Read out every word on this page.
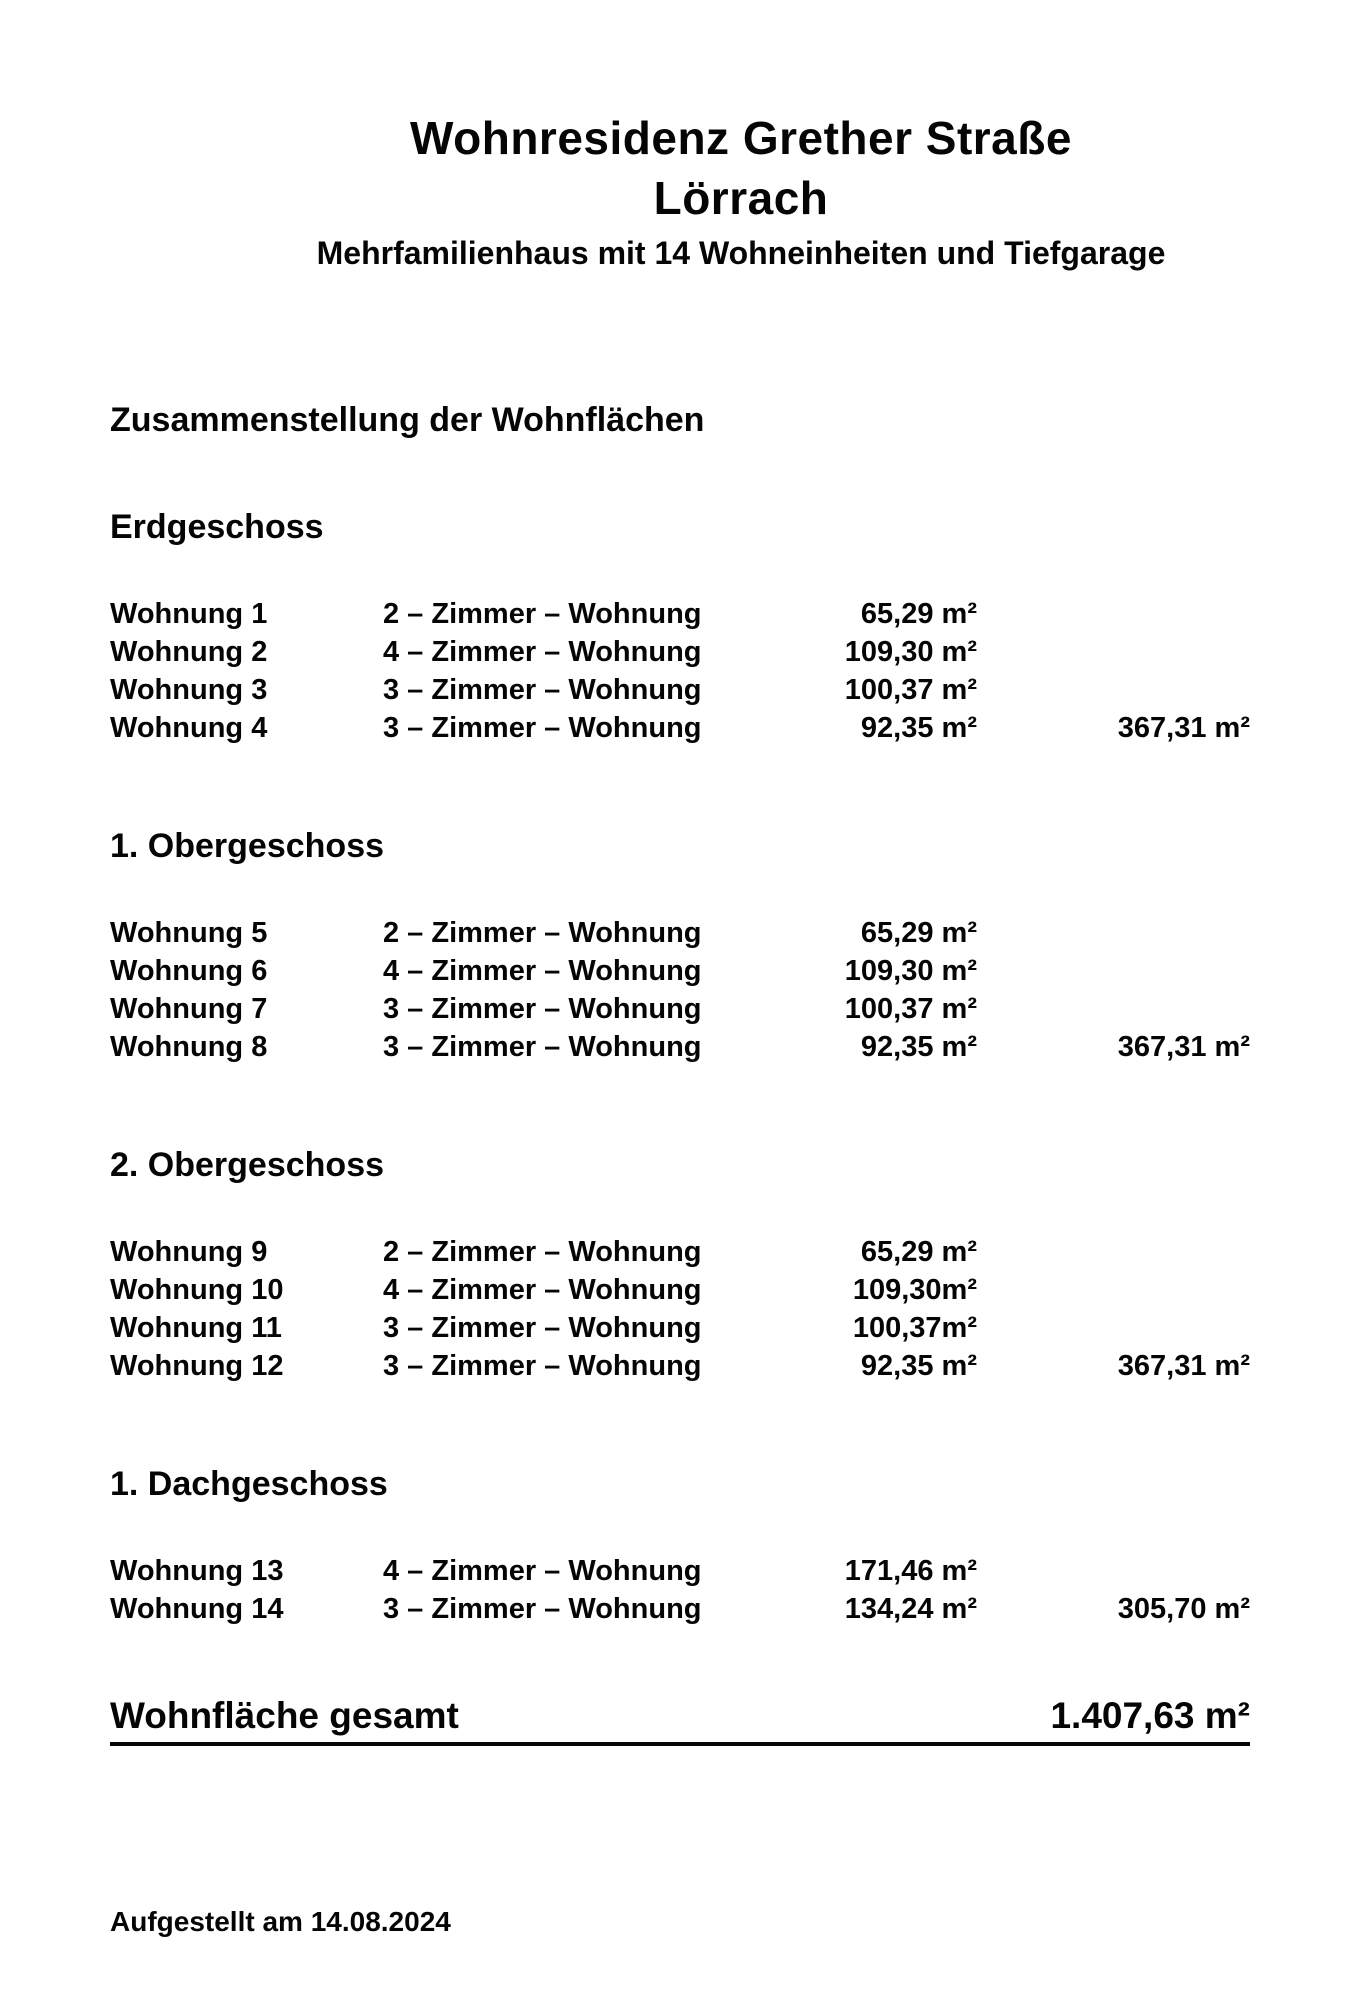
Wohnresidenz Grether Straße
Lörrach
Mehrfamilienhaus mit 14 Wohneinheiten und Tiefgarage
Zusammenstellung der Wohnflächen
Erdgeschoss
Wohnung 1	2 – Zimmer – Wohnung	65,29 m²
Wohnung 2	4 – Zimmer – Wohnung	109,30 m²
Wohnung 3	3 – Zimmer – Wohnung	100,37 m²
Wohnung 4	3 – Zimmer – Wohnung	92,35 m²	367,31 m²
1. Obergeschoss
Wohnung 5	2 – Zimmer – Wohnung	65,29 m²
Wohnung 6	4 – Zimmer – Wohnung	109,30 m²
Wohnung 7	3 – Zimmer – Wohnung	100,37 m²
Wohnung 8	3 – Zimmer – Wohnung	92,35 m²	367,31 m²
2. Obergeschoss
Wohnung 9	2 – Zimmer – Wohnung	65,29 m²
Wohnung 10	4 – Zimmer – Wohnung	109,30m²
Wohnung 11	3 – Zimmer – Wohnung	100,37m²
Wohnung 12	3 – Zimmer – Wohnung	92,35 m²	367,31 m²
1. Dachgeschoss
Wohnung 13	4 – Zimmer – Wohnung	171,46 m²
Wohnung 14	3 – Zimmer – Wohnung	134,24 m²	305,70 m²
Wohnfläche gesamt	1.407,63 m²
Aufgestellt am 14.08.2024
